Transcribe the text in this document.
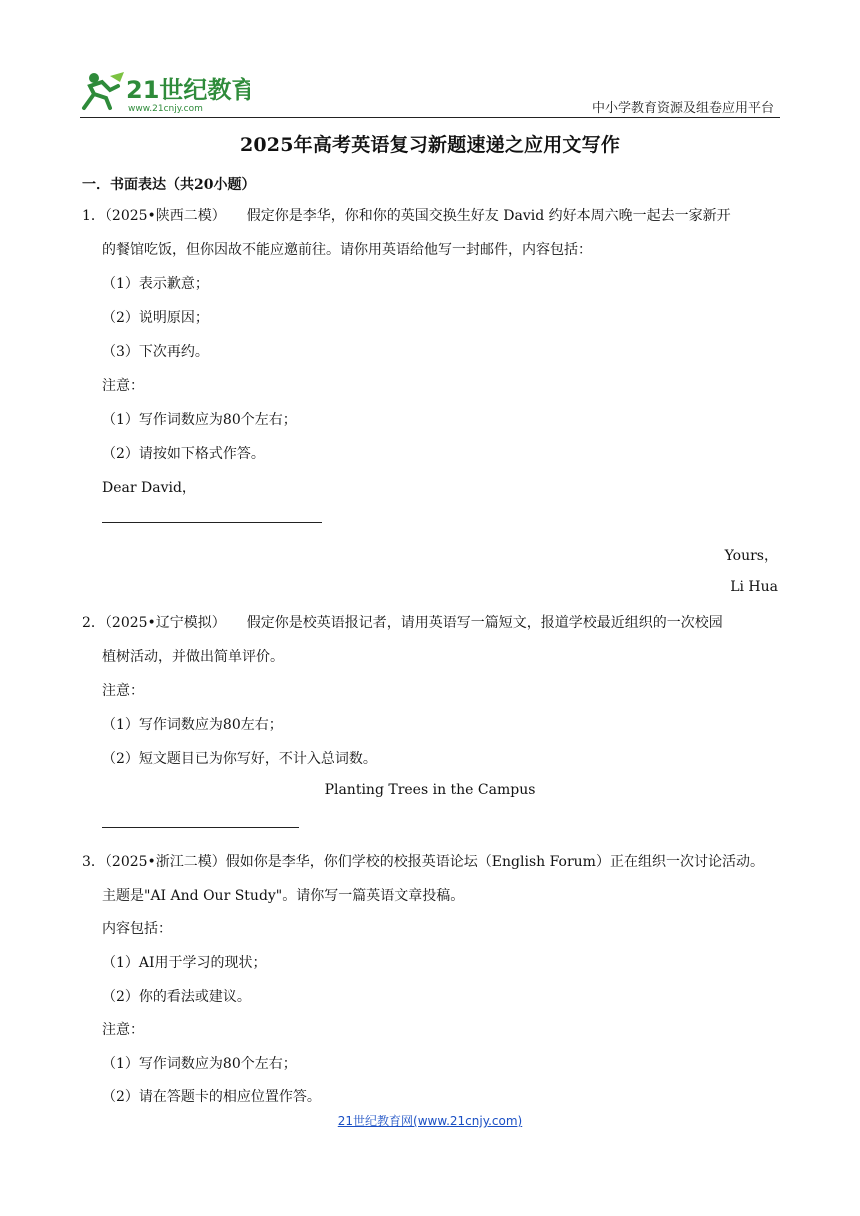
21世纪教育
www.21cnjy.com	中小学教育资源及组卷应用平台
2025年高考英语复习新题速递之应用文写作
一．书面表达（共20小题）
1．（2025•陕西二模）　　假定你是李华，你和你的英国交换生好友 David 约好本周六晚一起去一家新开
的餐馆吃饭，但你因故不能应邀前往。请你用英语给他写一封邮件，内容包括：
（1）表示歉意；
（2）说明原因；
（3）下次再约。
注意：
（1）写作词数应为80个左右；
（2）请按如下格式作答。
Dear David，
Yours，
Li Hua
2．（2025•辽宁模拟）　　假定你是校英语报记者，请用英语写一篇短文，报道学校最近组织的一次校园
植树活动，并做出简单评价。
注意：
（1）写作词数应为80左右；
（2）短文题目已为你写好，不计入总词数。
Planting Trees in the Campus
3．（2025•浙江二模）假如你是李华，你们学校的校报英语论坛（English Forum）正在组织一次讨论活动。
主题是"AI And Our Study"。请你写一篇英语文章投稿。
内容包括：
（1）AI用于学习的现状；
（2）你的看法或建议。
注意：
（1）写作词数应为80个左右；
（2）请在答题卡的相应位置作答。
21世纪教育网(www.21cnjy.com)
